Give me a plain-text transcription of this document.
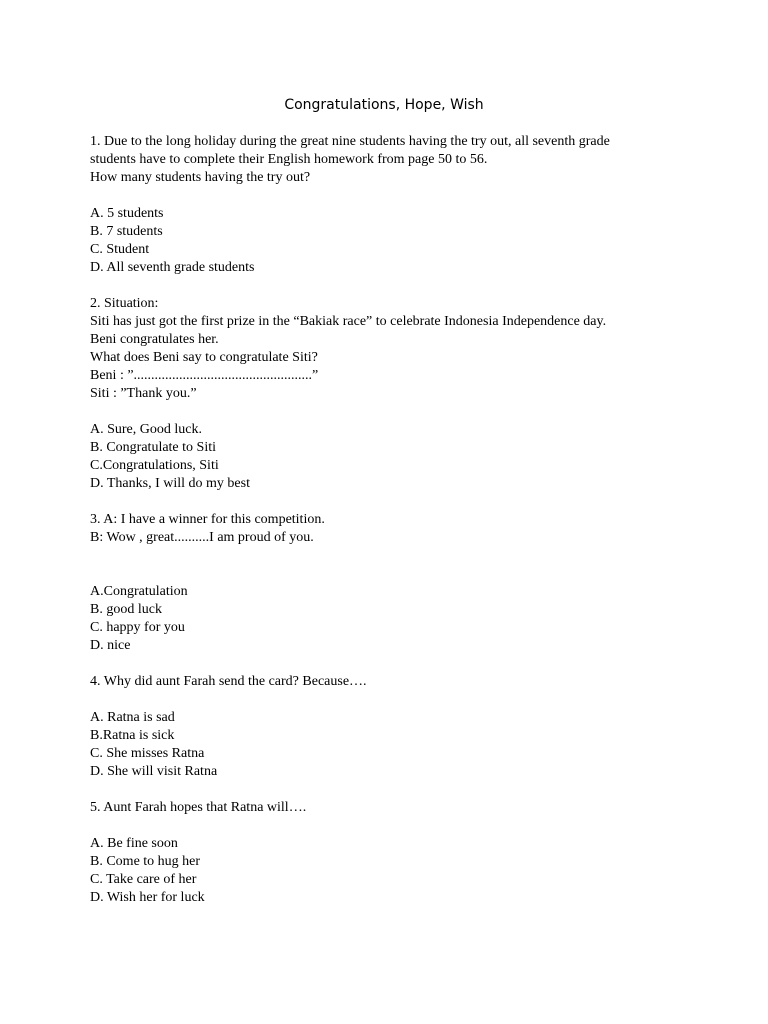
Congratulations, Hope, Wish
1. Due to the long holiday during the great nine students having the try out, all seventh grade
students have to complete their English homework from page 50 to 56.
How many students having the try out?
A. 5 students
B. 7 students
C. Student
D. All seventh grade students
2. Situation:
Siti has just got the first prize in the “Bakiak race” to celebrate Indonesia Independence day.
Beni congratulates her.
What does Beni say to congratulate Siti?
Beni : ”...................................................”
Siti : ”Thank you.”
A. Sure, Good luck.
B. Congratulate to Siti
C.Congratulations, Siti
D. Thanks, I will do my best
3. A: I have a winner for this competition.
B: Wow , great..........I am proud of you.
A.Congratulation
B. good luck
C. happy for you
D. nice
4. Why did aunt Farah send the card? Because….
A. Ratna is sad
B.Ratna is sick
C. She misses Ratna
D. She will visit Ratna
5. Aunt Farah hopes that Ratna will….
A. Be fine soon
B. Come to hug her
C. Take care of her
D. Wish her for luck
